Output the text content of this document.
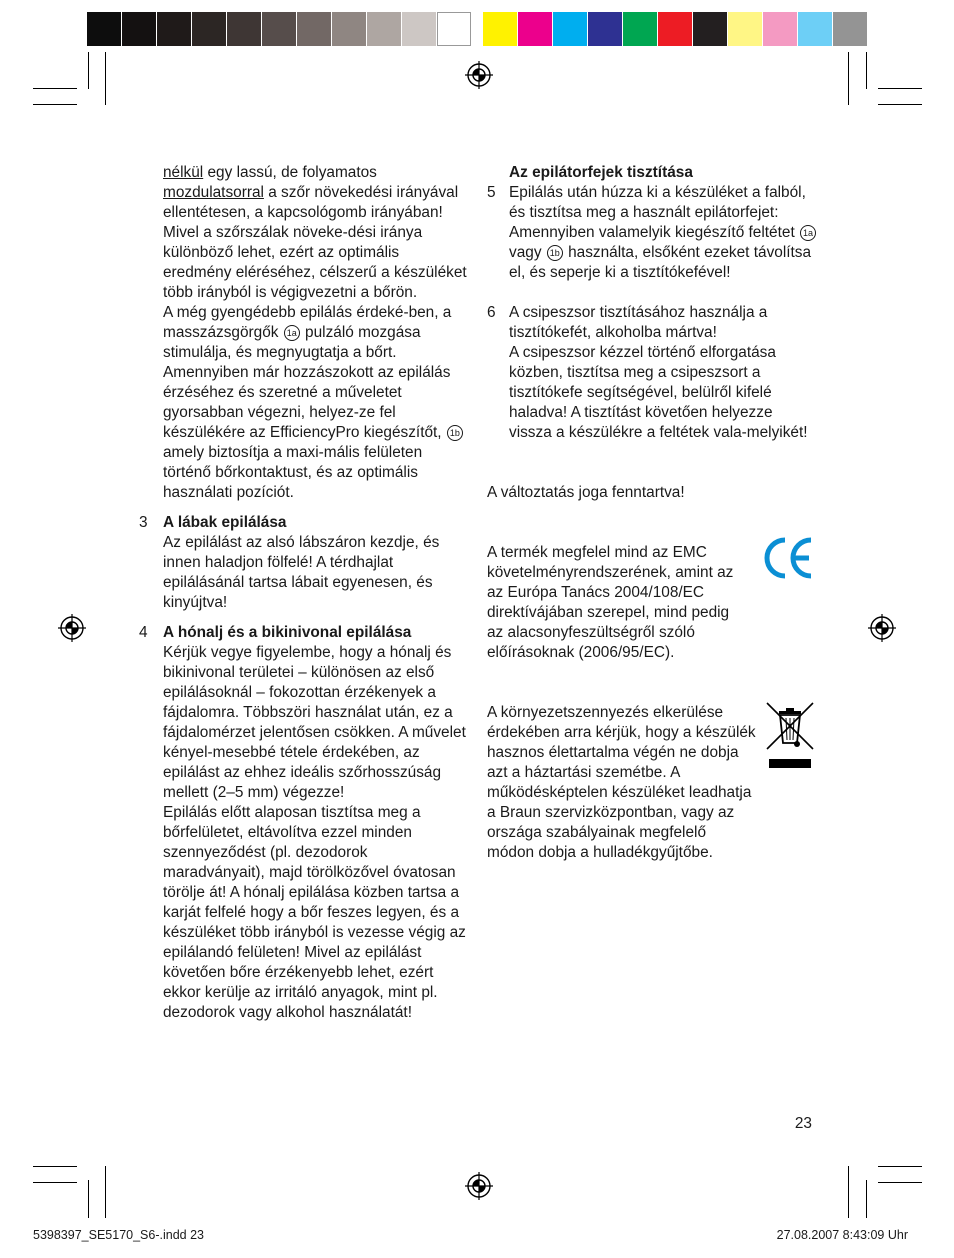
nélkül egy lassú, de folyamatos
mozdulatsorral a szőr növekedési irányával ellentétesen, a kapcsológomb irányában! Mivel a szőrszálak növeke-dési iránya különböző lehet, ezért az optimális eredmény eléréséhez, célszerű a készüléket több irányból is végigvezetni a bőrön.

A még gyengédebb epilálás érdeké-ben, a masszázsgörgők 1a pulzáló mozgása stimulálja, és megnyugtatja a bőrt. Amennyiben már hozzászokott az epilálás érzéséhez és szeretné a műveletet gyorsabban végezni, helyez-ze fel készülékére az EfficiencyPro kiegészítőt, 1b amely biztosítja a maxi-mális felületen történő bőrkontaktust, és az optimális használati pozíciót.

3 A lábak epilálása

Az epilálást az alsó lábszáron kezdje, és innen haladjon fölfelé! A térdhajlat epilálásánál tartsa lábait egyenesen, és kinyújtva!

4 A hónalj és a bikinivonal epilálása

Kérjük vegye figyelembe, hogy a hónalj és bikinivonal területei – különösen az első epilálásoknál – fokozottan érzékenyek a fájdalomra. Többszöri használat után, ez a fájdalomérzet jelentősen csökken. A művelet kényel-mesebbé tétele érdekében, az epilálást az ehhez ideális szőrhosszúság mellett (2–5 mm) végezze!

Epilálás előtt alaposan tisztítsa meg a bőrfelületet, eltávolítva ezzel minden szennyeződést (pl. dezodorok maradványait), majd törölközővel óvatosan törölje át! A hónalj epilálása közben tartsa a karját felfelé hogy a bőr feszes legyen, és a készüléket több irányból is vezesse végig az epilálandó felületen! Mivel az epilálást követően bőre érzékenyebb lehet, ezért ekkor kerülje az irritáló anyagok, mint pl. dezodorok vagy alkohol használatát!

Az epilátorfejek tisztítása

5 Epilálás után húzza ki a készüléket a falból, és tisztítsa meg a használt epilátorfejet:

Amennyiben valamelyik kiegészítő feltétet 1a vagy 1b használta, elsőként ezeket távolítsa el, és seperje ki a tisztítókefével!

6 A csipeszsor tisztításához használja a tisztítókefét, alkoholba mártva!

A csipeszsor kézzel történő elforgatása közben, tisztítsa meg a csipeszsort a tisztítókefe segítségével, belülről kifelé haladva! A tisztítást követően helyezze vissza a készülékre a feltétek vala-melyikét!

A változtatás joga fenntartva!

A termék megfelel mind az EMC követelményrendszerének, amint az az Európa Tanács 2004/108/EC direktívájában szerepel, mind pedig az alacsonyfeszültségről szóló előírásoknak (2006/95/EC).

A környezetszennyezés elkerülése érdekében arra kérjük, hogy a készülék hasznos élettartalma végén ne dobja azt a háztartási szemétbe. A működésképtelen készüléket leadhatja a Braun szervizközpontban, vagy az országa szabályainak megfelelő módon dobja a hulladékgyűjtőbe.

23
5398397_SE5170_S6-.indd 23	27.08.2007 8:43:09 Uhr
